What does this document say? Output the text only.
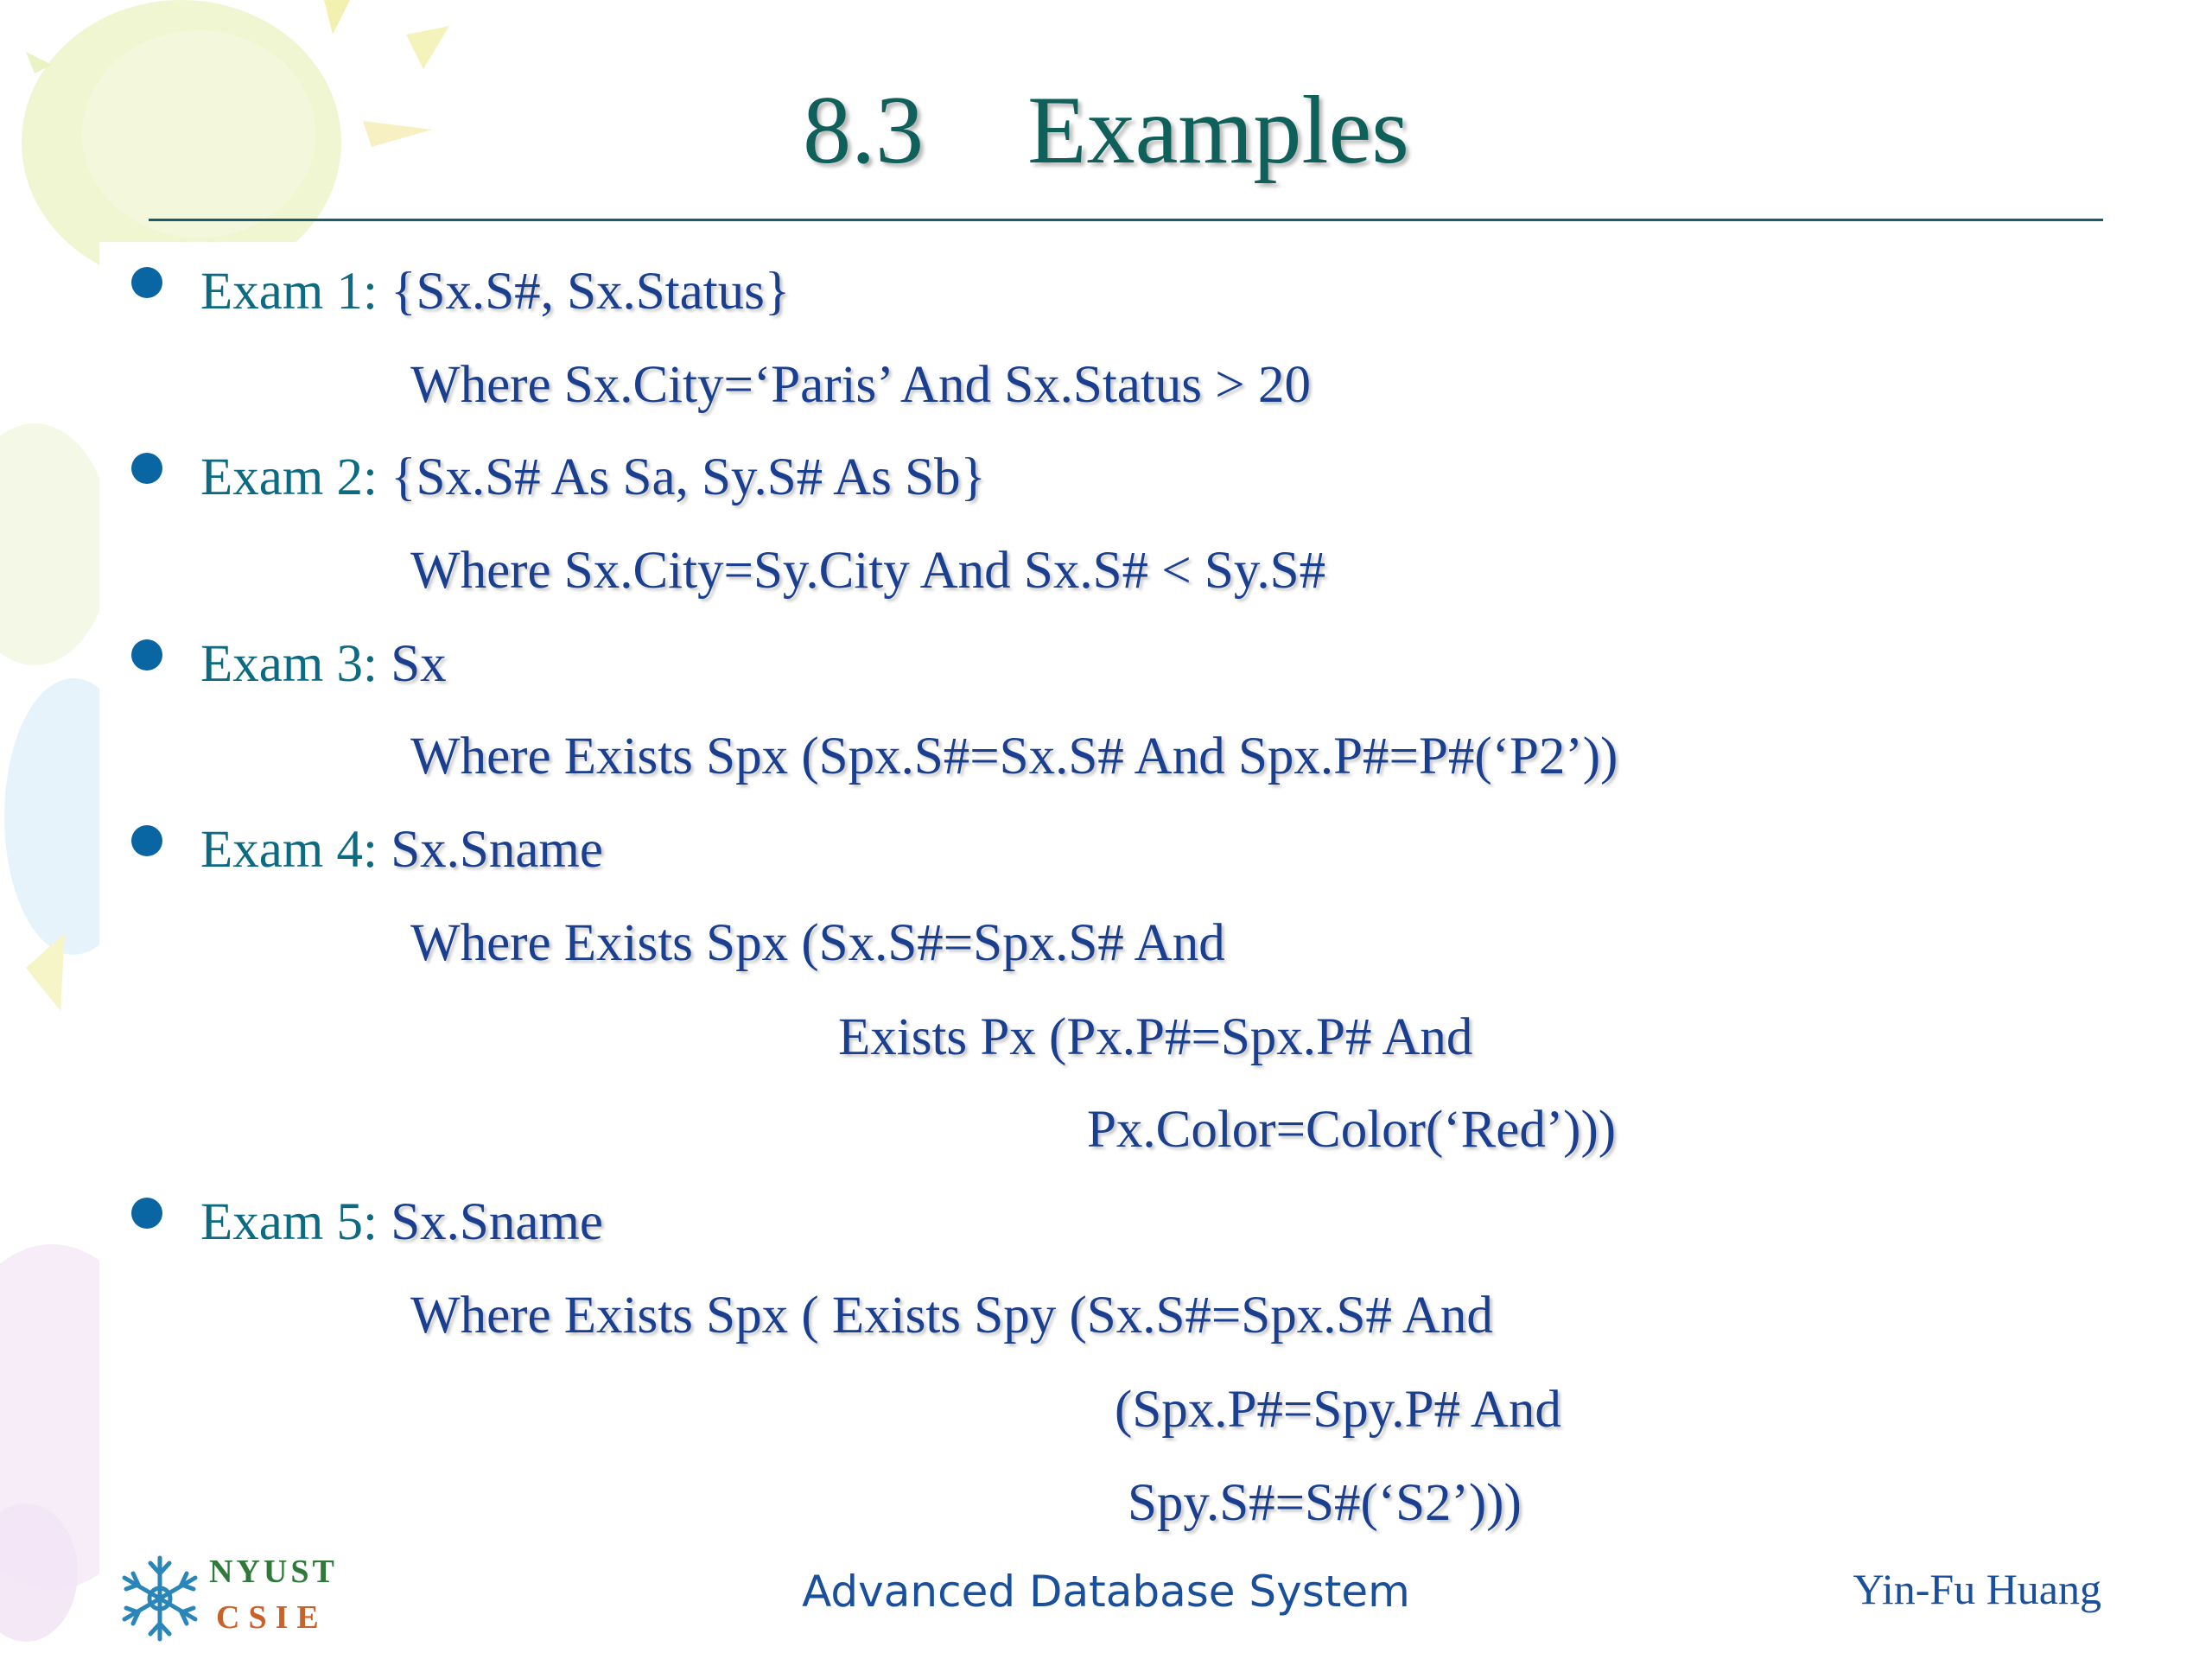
8.3 Examples
Exam 1: {Sx.S#, Sx.Status}
Where Sx.City=‘Paris’ And Sx.Status > 20
Exam 2: {Sx.S# As Sa, Sy.S# As Sb}
Where Sx.City=Sy.City And Sx.S# < Sy.S#
Exam 3: Sx
Where Exists Spx (Spx.S#=Sx.S# And Spx.P#=P#(‘P2’))
Exam 4: Sx.Sname
Where Exists Spx (Sx.S#=Spx.S# And
Exists Px (Px.P#=Spx.P# And
Px.Color=Color(‘Red’)))
Exam 5: Sx.Sname
Where Exists Spx ( Exists Spy (Sx.S#=Spx.S# And
(Spx.P#=Spy.P# And
Spy.S#=S#(‘S2’)))
NYUST
CSIE
Advanced Database System	Yin-Fu Huang
